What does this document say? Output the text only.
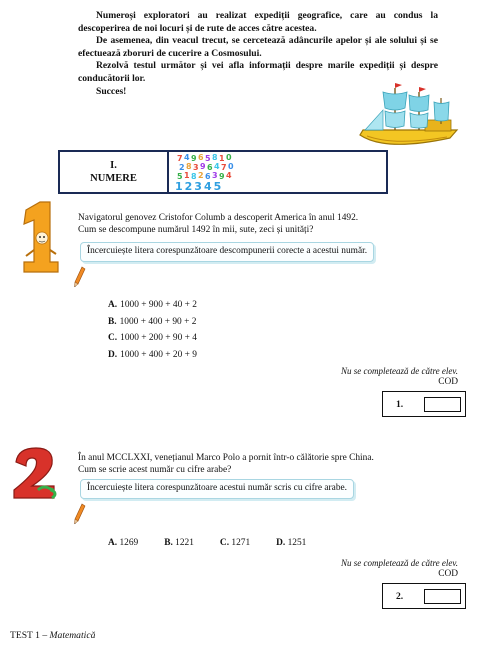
Numeroși exploratori au realizat expediții geografice, care au condus la descoperirea de noi locuri și de rute de acces către acestea.

De asemenea, din veacul trecut, se cercetează adâncurile apelor și ale solului și se efectuează zboruri de cucerire a Cosmosului.

Rezolvă testul următor și vei afla informații despre marile expediții și despre conducătorii lor.

Succes!

I.
NUMERE
7 4 9 6 5 8 1 0
2 8 3 9 6 4 7 0
5 1 8 2 6 3 9 4
12345

Navigatorul genovez Cristofor Columb a descoperit America în anul 1492.

Cum se descompune numărul 1492 în mii, sute, zeci și unități?

Încercuiește litera corespunzătoare descompunerii corecte a acestui număr.
A. 1000 + 900 + 40 + 2
B. 1000 + 400 + 90 + 2
C. 1000 + 200 + 90 + 4
D. 1000 + 400 + 20 + 9
Nu se completează de către elev.
COD
1.

În anul MCCLXXI, venețianul Marco Polo a pornit într-o călătorie spre China.

Cum se scrie acest număr cu cifre arabe?

Încercuiește litera corespunzătoare acestui număr scris cu cifre arabe.
A. 1269	B. 1221	C. 1271	D. 1251
Nu se completează de către elev.
COD
2.
TEST 1 – Matematică
